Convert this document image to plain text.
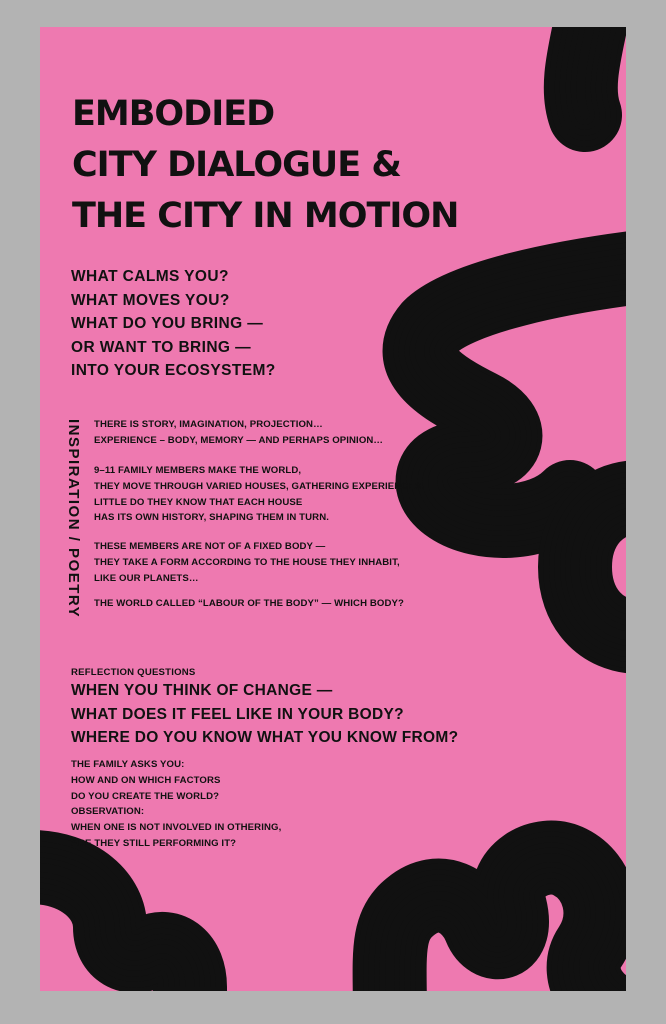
EMBODIED
CITY DIALOGUE &
THE CITY IN MOTION
WHAT CALMS YOU?
WHAT MOVES YOU?
WHAT DO YOU BRING —
OR WANT TO BRING —
INTO YOUR ECOSYSTEM?
INSPIRATION / POETRY THERE IS STORY, IMAGINATION, PROJECTION…
EXPERIENCE – BODY, MEMORY — AND PERHAPS OPINION…
9–11 FAMILY MEMBERS MAKE THE WORLD,
THEY MOVE THROUGH VARIED HOUSES, GATHERING EXPERIENCES.
LITTLE DO THEY KNOW THAT EACH HOUSE
HAS ITS OWN HISTORY, SHAPING THEM IN TURN.
THESE MEMBERS ARE NOT OF A FIXED BODY —
THEY TAKE A FORM ACCORDING TO THE HOUSE THEY INHABIT,
LIKE OUR PLANETS…
THE WORLD CALLED “LABOUR OF THE BODY” — WHICH BODY?
REFLECTION QUESTIONS
WHEN YOU THINK OF CHANGE —
WHAT DOES IT FEEL LIKE IN YOUR BODY?
WHERE DO YOU KNOW WHAT YOU KNOW FROM?
THE FAMILY ASKS YOU:
HOW AND ON WHICH FACTORS
DO YOU CREATE THE WORLD?
OBSERVATION:
WHEN ONE IS NOT INVOLVED IN OTHERING,
ARE THEY STILL PERFORMING IT?
